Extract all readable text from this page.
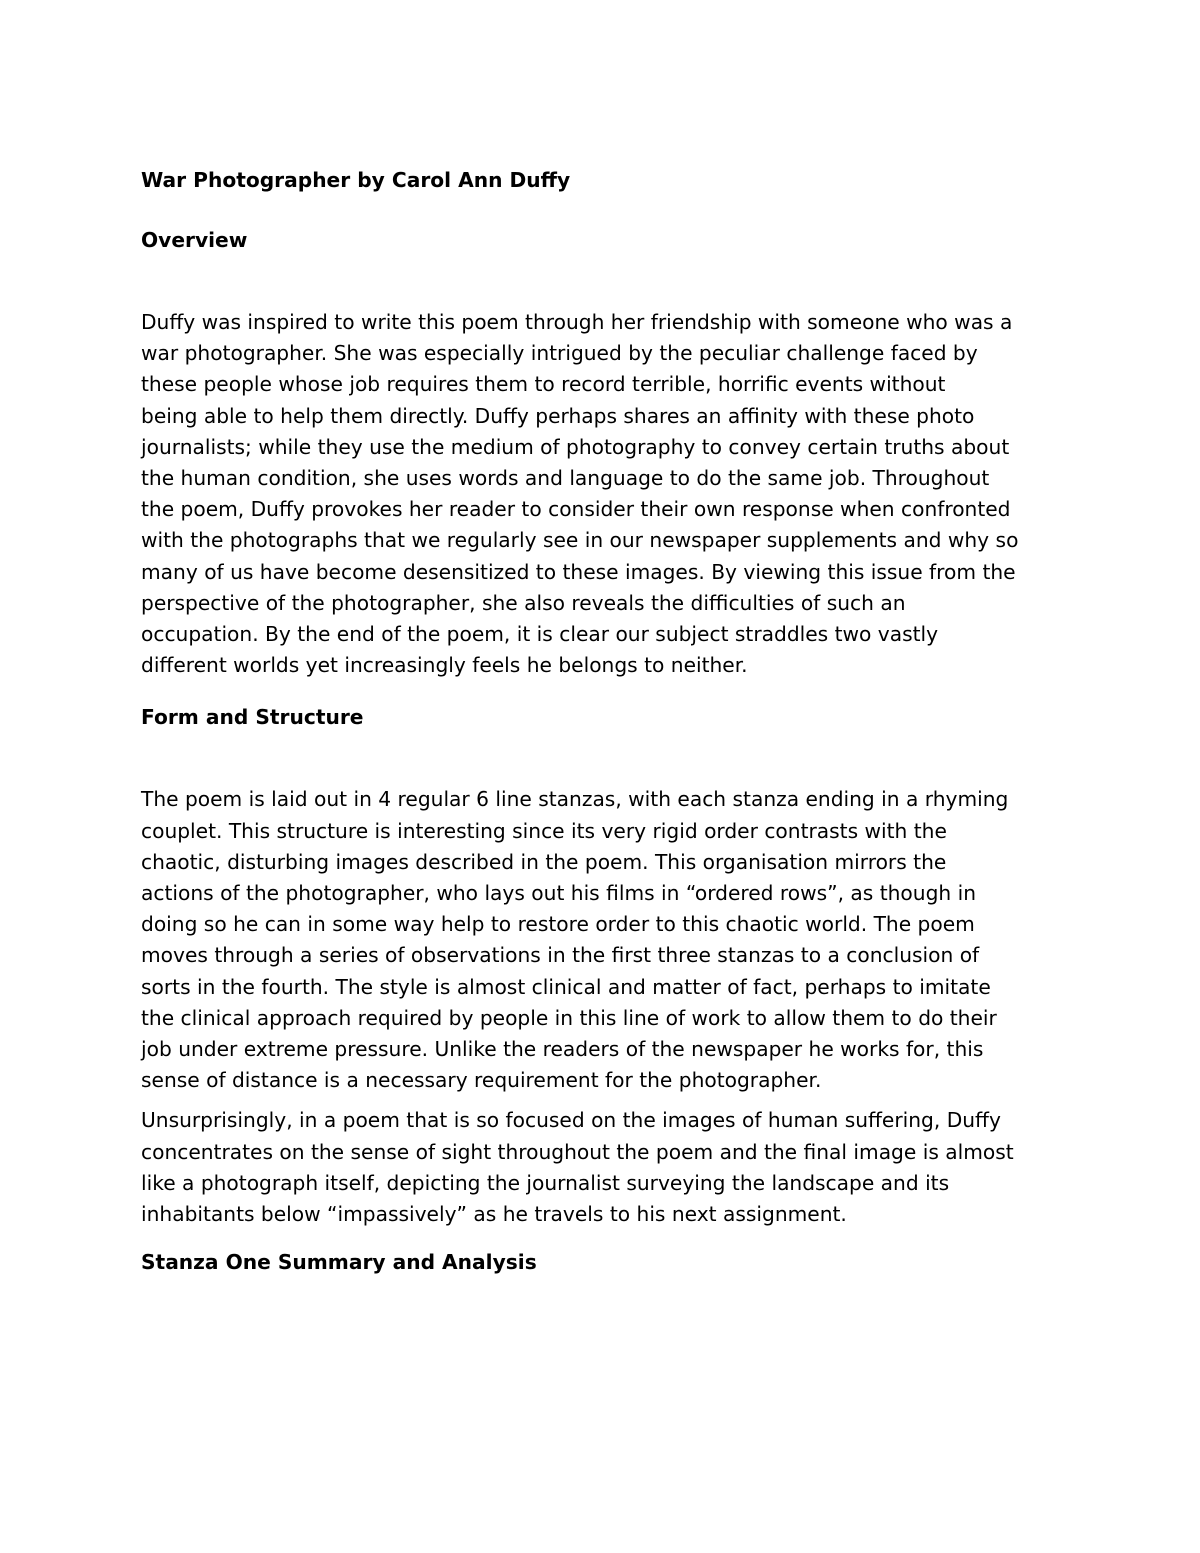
War Photographer by Carol Ann Duffy
Overview
Duffy was inspired to write this poem through her friendship with someone who was a
war photographer. She was especially intrigued by the peculiar challenge faced by
these people whose job requires them to record terrible, horrific events without
being able to help them directly. Duffy perhaps shares an affinity with these photo
journalists; while they use the medium of photography to convey certain truths about
the human condition, she uses words and language to do the same job. Throughout
the poem, Duffy provokes her reader to consider their own response when confronted
with the photographs that we regularly see in our newspaper supplements and why so
many of us have become desensitized to these images. By viewing this issue from the
perspective of the photographer, she also reveals the difficulties of such an
occupation. By the end of the poem, it is clear our subject straddles two vastly
different worlds yet increasingly feels he belongs to neither.
Form and Structure
The poem is laid out in 4 regular 6 line stanzas, with each stanza ending in a rhyming
couplet. This structure is interesting since its very rigid order contrasts with the
chaotic, disturbing images described in the poem. This organisation mirrors the
actions of the photographer, who lays out his films in “ordered rows”, as though in
doing so he can in some way help to restore order to this chaotic world. The poem
moves through a series of observations in the first three stanzas to a conclusion of
sorts in the fourth. The style is almost clinical and matter of fact, perhaps to imitate
the clinical approach required by people in this line of work to allow them to do their
job under extreme pressure. Unlike the readers of the newspaper he works for, this
sense of distance is a necessary requirement for the photographer.
Unsurprisingly, in a poem that is so focused on the images of human suffering, Duffy
concentrates on the sense of sight throughout the poem and the final image is almost
like a photograph itself, depicting the journalist surveying the landscape and its
inhabitants below “impassively” as he travels to his next assignment.
Stanza One Summary and Analysis
